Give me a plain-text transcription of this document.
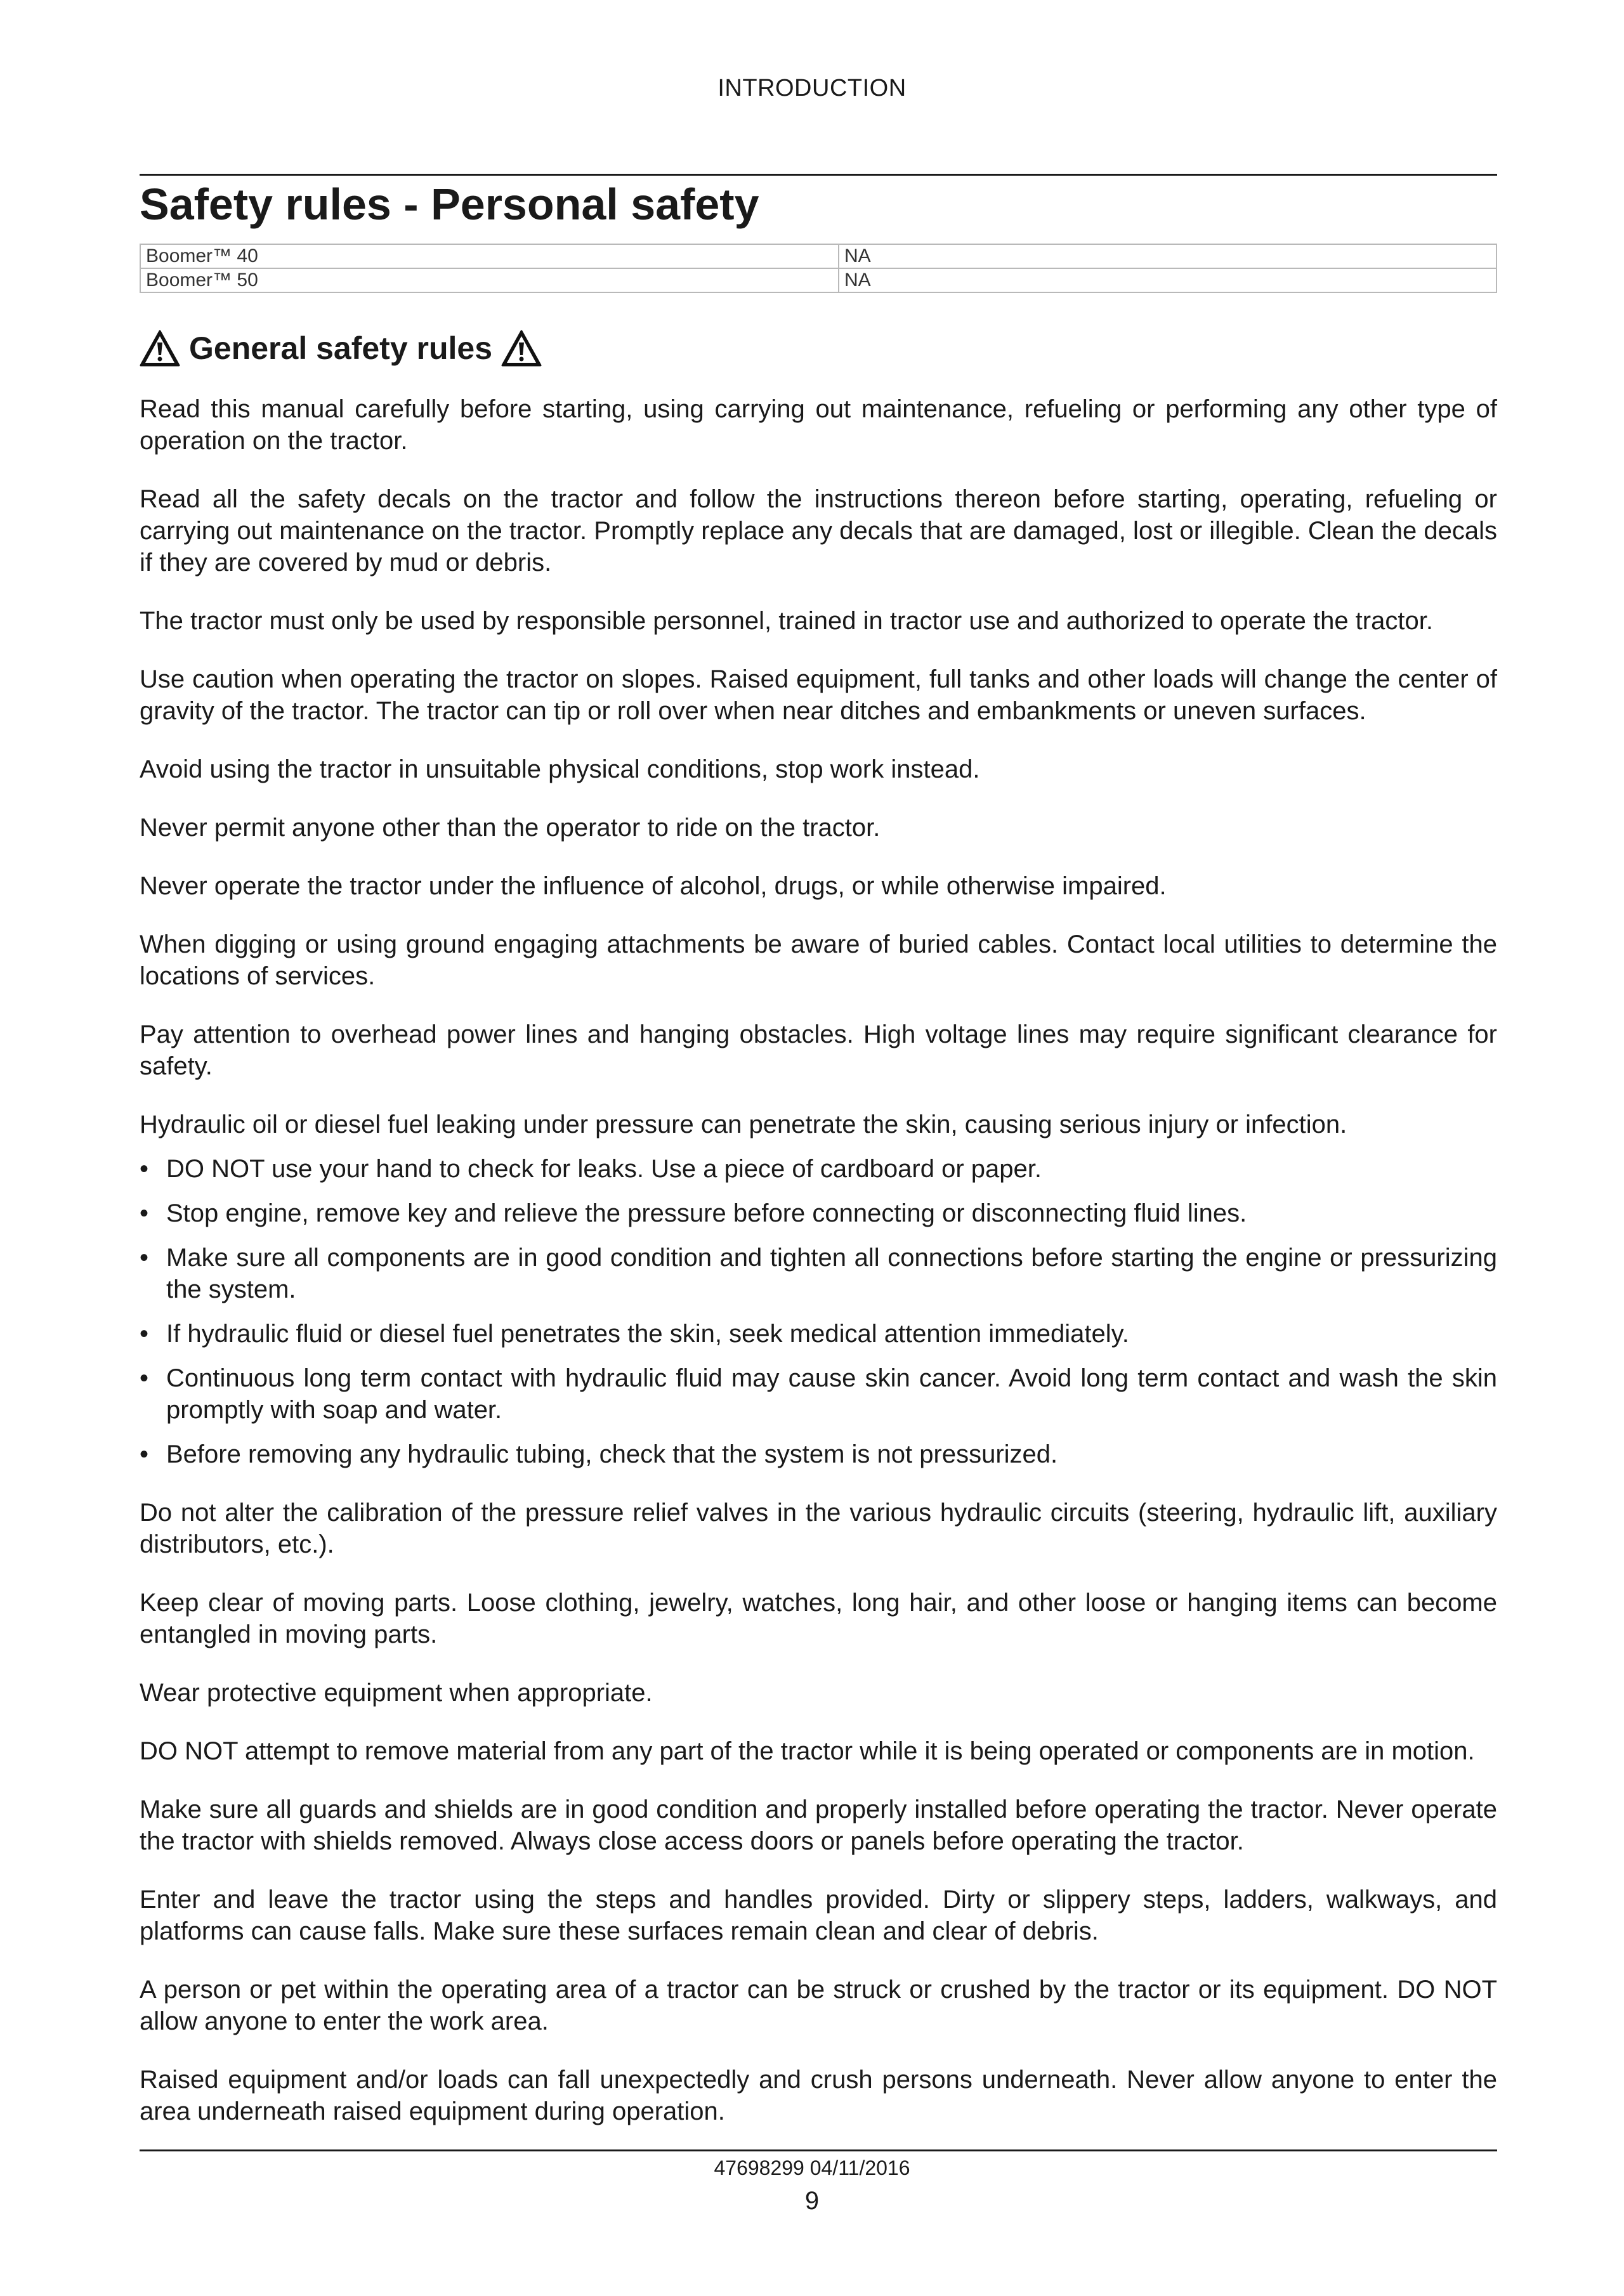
INTRODUCTION
Safety rules - Personal safety
Boomer™ 40	NA
Boomer™ 50	NA
General safety rules

Read this manual carefully before starting, using carrying out maintenance, refueling or performing any other type of operation on the tractor.

Read all the safety decals on the tractor and follow the instructions thereon before starting, operating, refueling or carrying out maintenance on the tractor. Promptly replace any decals that are damaged, lost or illegible. Clean the decals if they are covered by mud or debris.

The tractor must only be used by responsible personnel, trained in tractor use and authorized to operate the tractor.

Use caution when operating the tractor on slopes. Raised equipment, full tanks and other loads will change the center of gravity of the tractor. The tractor can tip or roll over when near ditches and embankments or uneven surfaces.

Avoid using the tractor in unsuitable physical conditions, stop work instead.

Never permit anyone other than the operator to ride on the tractor.

Never operate the tractor under the influence of alcohol, drugs, or while otherwise impaired.

When digging or using ground engaging attachments be aware of buried cables. Contact local utilities to determine the locations of services.

Pay attention to overhead power lines and hanging obstacles. High voltage lines may require significant clearance for safety.

Hydraulic oil or diesel fuel leaking under pressure can penetrate the skin, causing serious injury or infection.

• DO NOT use your hand to check for leaks. Use a piece of cardboard or paper.
• Stop engine, remove key and relieve the pressure before connecting or disconnecting fluid lines.
• Make sure all components are in good condition and tighten all connections before starting the engine or pressurizing the system.
• If hydraulic fluid or diesel fuel penetrates the skin, seek medical attention immediately.
• Continuous long term contact with hydraulic fluid may cause skin cancer. Avoid long term contact and wash the skin promptly with soap and water.
• Before removing any hydraulic tubing, check that the system is not pressurized.

Do not alter the calibration of the pressure relief valves in the various hydraulic circuits (steering, hydraulic lift, auxiliary distributors, etc.).

Keep clear of moving parts. Loose clothing, jewelry, watches, long hair, and other loose or hanging items can become entangled in moving parts.

Wear protective equipment when appropriate.

DO NOT attempt to remove material from any part of the tractor while it is being operated or components are in motion.

Make sure all guards and shields are in good condition and properly installed before operating the tractor. Never operate the tractor with shields removed. Always close access doors or panels before operating the tractor.

Enter and leave the tractor using the steps and handles provided. Dirty or slippery steps, ladders, walkways, and platforms can cause falls. Make sure these surfaces remain clean and clear of debris.

A person or pet within the operating area of a tractor can be struck or crushed by the tractor or its equipment. DO NOT allow anyone to enter the work area.

Raised equipment and/or loads can fall unexpectedly and crush persons underneath. Never allow anyone to enter the area underneath raised equipment during operation.

47698299 04/11/2016
9
